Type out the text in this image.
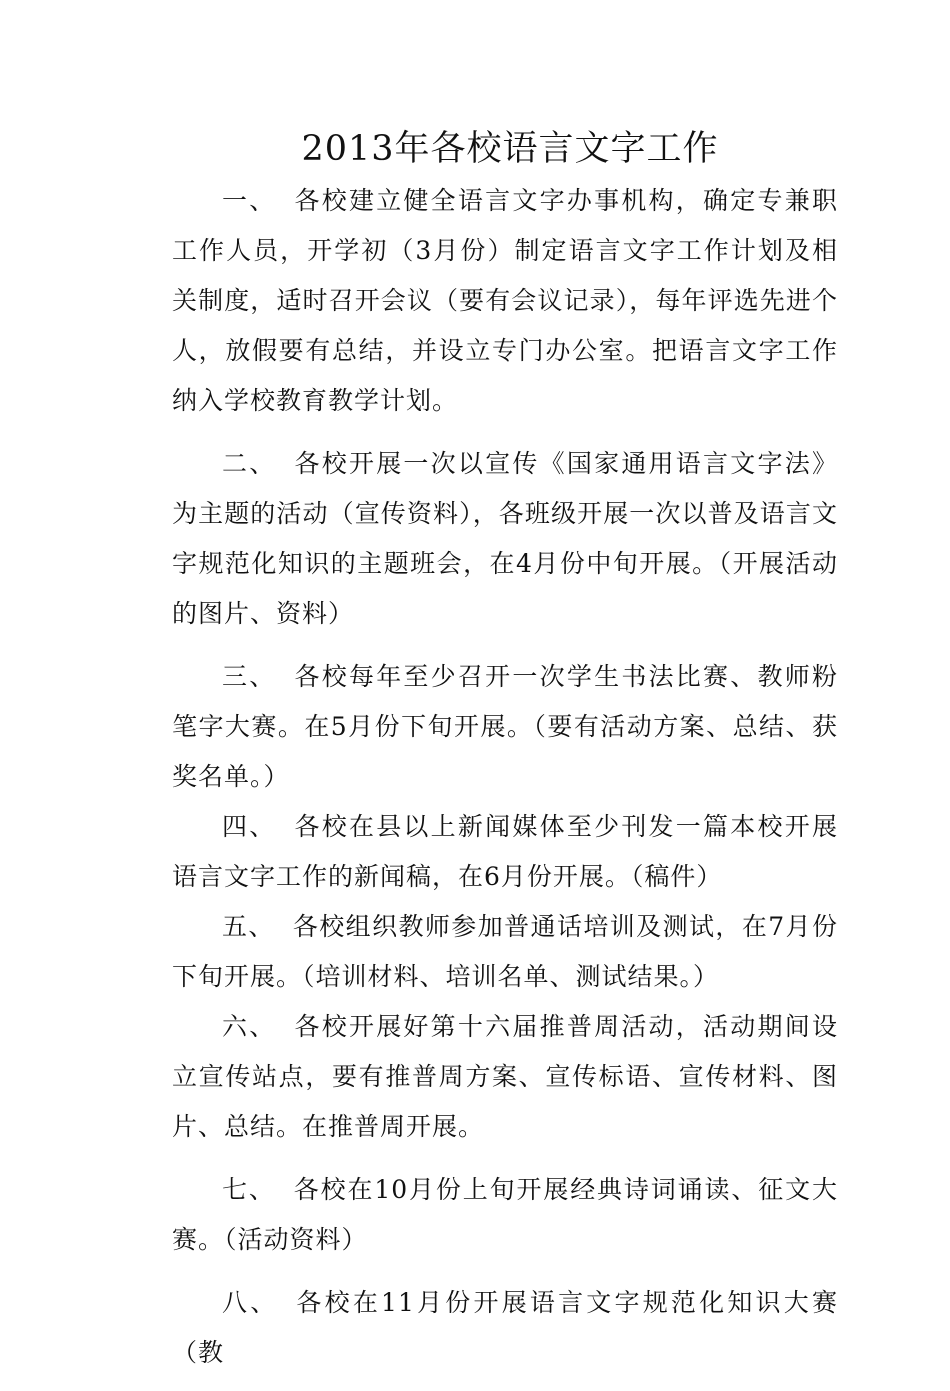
2013年各校语言文字工作

一、 各校建立健全语言文字办事机构，确定专兼职工作人员，开学初（3月份）制定语言文字工作计划及相关制度，适时召开会议（要有会议记录），每年评选先进个人，放假要有总结，并设立专门办公室。把语言文字工作纳入学校教育教学计划。

二、 各校开展一次以宣传《国家通用语言文字法》为主题的活动（宣传资料），各班级开展一次以普及语言文字规范化知识的主题班会，在4月份中旬开展。（开展活动的图片、资料）

三、 各校每年至少召开一次学生书法比赛、教师粉笔字大赛。在5月份下旬开展。（要有活动方案、总结、获奖名单。）

四、 各校在县以上新闻媒体至少刊发一篇本校开展语言文字工作的新闻稿，在6月份开展。（稿件）

五、 各校组织教师参加普通话培训及测试，在7月份下旬开展。（培训材料、培训名单、测试结果。）

六、 各校开展好第十六届推普周活动，活动期间设立宣传站点，要有推普周方案、宣传标语、宣传材料、图片、总结。在推普周开展。

七、 各校在10月份上旬开展经典诗词诵读、征文大赛。（活动资料）

八、 各校在11月份开展语言文字规范化知识大赛（教
